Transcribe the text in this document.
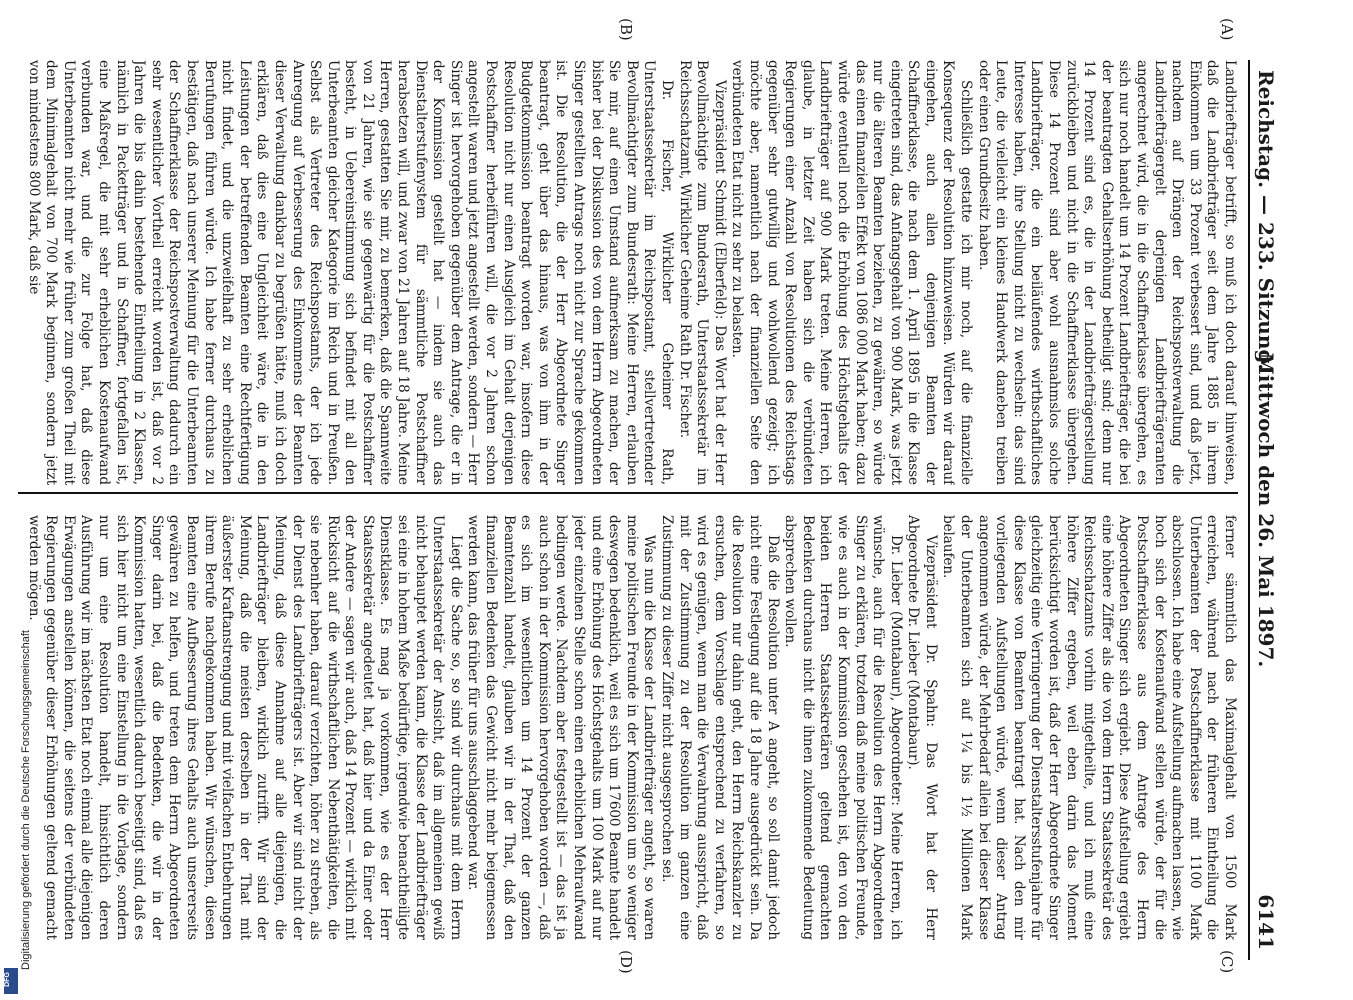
Reichstag. — 233. Sitzung.
Mittwoch den 26. Mai 1897.
6141
(A)
(B)
(C)
(D)

Landbriefträger betrifft, so muß ich doch darauf hinweisen, daß die Landbriefträger seit dem Jahre 1885 in ihrem Einkommen um 33 Prozent verbessert sind, und daß jetzt, nachdem auf Drängen der Reichspostverwaltung die Landbriefträgergelt derjenigen Landbriefträgeranten angerechnet wird, die in die Schaffnerklasse übergehen, es sich nur noch handelt um 14 Prozent Landbriefträger, die bei der beantragten Gehaltserhöhung betheiligt sind; denn nur 14 Prozent sind es, die in der Landbriefträgerstellung zurückbleiben und nicht in die Schaffnerklasse übergehen. Diese 14 Prozent sind aber wohl ausnahmslos solche Landbriefträger, die ein beiläufendes wirthschaftliches Interesse haben, ihre Stellung nicht zu wechseln: das sind Leute, die vielleicht ein kleines Handwerk daneben treiben oder einen Grundbesitz haben.

Schließlich gestatte ich mir noch, auf die finanzielle Konsequenz der Resolution hinzuweisen. Würden wir darauf eingehen, auch allen denjenigen Beamten der Schaffnerklasse, die nach dem 1. April 1895 in die Klasse eingetreten sind, das Anfangsgehalt von 900 Mark, was jetzt nur die älteren Beamten beziehen, zu gewähren, so würde das einen finanziellen Effekt von 1086 000 Mark haben; dazu würde eventuell noch die Erhöhung des Höchstgehalts der Landbriefträger auf 900 Mark treten. Meine Herren, ich glaube, in letzter Zeit haben sich die verbündeten Regierungen einer Anzahl von Resolutionen des Reichstags gegenüber sehr gutwillig und wohlwollend gezeigt; ich möchte aber, namentlich nach der finanziellen Seite den verbündeten Etat nicht zu sehr zu belasten.

Vizepräsident Schmidt (Elberfeld): Das Wort hat der Herr Bevollmächtigte zum Bundesrath, Unterstaatssekretär im Reichsschatzamt, Wirklicher Geheime Rath Dr. Fischer.

Dr. Fischer, Wirklicher Geheimer Rath, Unterstaatssekretär im Reichspostamt, stellvertretender Bevollmächtigter zum Bundesrath: Meine Herren, erlauben Sie mir, auf einen Umstand aufmerksam zu machen, der bisher bei der Diskussion des von dem Herrn Abgeordneten Singer gestellten Antrags noch nicht zur Sprache gekommen ist. Die Resolution, die der Herr Abgeordnete Singer beantragt, geht über das hinaus, was von ihm in der Budgetkommission beantragt worden war, insofern diese Resolution nicht nur einen Ausgleich im Gehalt derjenigen Postschaffner herbeiführen will, die vor 2 Jahren schon angestellt waren und jetzt angestellt werden, sondern — Herr Singer ist hervorgehoben gegenüber dem Antrage, die er in der Kommission gestellt hat — indem sie auch das Dienstalterstufenystem für sämmtliche Postschaffner herabsetzen will, und zwar von 21 Jahren auf 18 Jahre. Meine Herren, gestatten Sie mir, zu bemerken, daß die Spannweite von 21 Jahren, wie sie gegenwärtig für die Postschaffner besteht, in Uebereinstimmung sich befindet mit all den Unterbeamten gleicher Kategorie im Reich und in Preußen. Selbst als Vertreter des Reichspostamts, der ich jede Anregung auf Verbesserung des Einkommens der Beamten dieser Verwaltung dankbar zu begrüßen hätte, muß ich doch erklären, daß dies eine Ungleichheit wäre, die in den Leistungen der betreffenden Beamten eine Rechtfertigung nicht findet, und die unzweifelhaft zu sehr erheblichen Berufungen führen würde. Ich habe ferner durchaus zu bestätigen, daß nach unserer Meinung für die Unterbeamten der Schaffnerklasse der Reichspostverwaltung dadurch ein sehr wesentlicher Vortheil erreicht worden ist, daß vor 2 Jahren die bis dahin bestehende Eintheilung in 2 Klassen, nämlich in Packetträger und in Schaffner, fortgefallen ist, eine Maßregel, die mit sehr erheblichen Kostenaufwand verbunden war, und die zur Folge hat, daß diese Unterbeamten nicht mehr wie früher zum großen Theil mit dem Minimalgehalt von 700 Mark beginnen, sondern jetzt von mindestens 800 Mark, daß sie

ferner sämmtlich das Maximalgehalt von 1500 Mark erreichen, während nach der früheren Eintheilung die Unterbeamten der Postschaffnerklasse mit 1100 Mark abschlossen. Ich habe eine Aufstellung aufmachen lassen, wie hoch sich der Kostenaufwand stellen würde, der für die Postschaffnerklasse aus dem Antrage des Herrn Abgeordneten Singer sich ergiebt. Diese Aufstellung ergiebt eine höhere Ziffer als die von dem Herrn Staatssekretär des Reichsschatzamts vorhin mitgetheilte, und ich muß eine höhere Ziffer ergeben, weil eben darin das Moment berücksichtigt worden ist, daß der Herr Abgeordnete Singer gleichzeitig eine Verringerung der Dienstaltersstufenjahre für diese Klasse von Beamten beantragt hat. Nach den mir vorliegenden Aufstellungen würde, wenn dieser Antrag angenommen würde, der Mehrbedarf allein bei dieser Klasse der Unterbeamten sich auf 1¼ bis 1½ Millionen Mark belaufen.

Vizepräsident Dr. Spahn: Das Wort hat der Herr Abgeordnete Dr. Lieber (Montabaur).

Dr. Lieber (Montabaur), Abgeordneter: Meine Herren, ich wünsche, auch für die Resolution des Herrn Abgeordneten Singer zu erklären, trotzdem daß meine politischen Freunde, wie es auch in der Kommission geschehen ist, den von den beiden Herren Staatssekretären geltend gemachten Bedenken durchaus nicht die ihnen zukommende Bedeutung absprechen wollen.

Daß die Resolution unter A angeht, so soll damit jedoch nicht eine Festlegung auf die 18 Jahre ausgedrückt sein. Da die Resolution nur dahin geht, den Herrn Reichskanzler zu ersuchen, dem Vorschlage entsprechend zu verfahren, so wird es genügen, wenn man die Verwahrung ausspricht, daß mit der Zustimmung zu der Resolution im ganzen eine Zustimmung zu dieser Ziffer nicht ausgesprochen sei.

Was nun die Klasse der Landbriefträger angeht, so waren meine politischen Freunde in der Kommission um so weniger deswegen bedenklich, weil es sich um 17600 Beamte handelt und eine Erhöhung des Höchstgehalts um 100 Mark auf nur jeder einzelnen Stelle schon einen erheblichen Mehraufwand bedingen werde. Nachdem aber festgestellt ist — das ist ja auch schon in der Kommission hervorgehoben worden —, daß es sich im wesentlichen um 14 Prozent der ganzen Beamtenzahl handelt, glauben wir in der That, daß den finanziellen Bedenken das Gewicht nicht mehr beigemessen werden kann, das früher für uns ausschlaggebend war.

Liegt die Sache so, so sind wir durchaus mit dem Herrn Unterstaatssekretär der Ansicht, daß im allgemeinen gewiß nicht behauptet werden kann, die Klasse der Landbriefträger sei eine in hohem Maße bedürftige, irgendwie benachtheiligte Dienstklasse. Es mag ja vorkommen, wie es der Herr Staatssekretär angedeutet hat, daß hier und da Einer oder der Andere — sagen wir auch, daß 14 Prozent — wirklich mit Rücksicht auf die wirthschaftlichen Nebenthätigkeiten, die sie nebenher haben, darauf verzichten, höher zu streben, als der Dienst des Landbriefträgers ist. Aber wir sind nicht der Meinung, daß diese Annahme auf alle diejenigen, die Landbriefträger bleiben, wirklich zutrifft. Wir sind der Meinung, daß die meisten derselben in der That mit äußerster Kraftanstrengung und mit vielfachen Entbehrungen ihrem Berufe nachgekommen haben. Wir wünschen, diesen Beamten eine Aufbesserung ihres Gehalts auch unsererseits gewähren zu helfen, und treten dem Herrn Abgeordneten Singer darin bei, daß die Bedenken, die wir in der Kommission hatten, wesentlich dadurch beseitigt sind, daß es sich hier nicht um eine Einstellung in die Vorlage, sondern nur um eine Resolution handelt, hinsichtlich deren Ausführung wir im nächsten Etat noch einmal alle diejenigen Erwägungen anstellen können, die seitens der verbündeten Regierungen gegenüber dieser Erhöhungen geltend gemacht werden mögen.

Digitalisierung gefördert durch die Deutsche Forschungsgemeinschaft
DFG
